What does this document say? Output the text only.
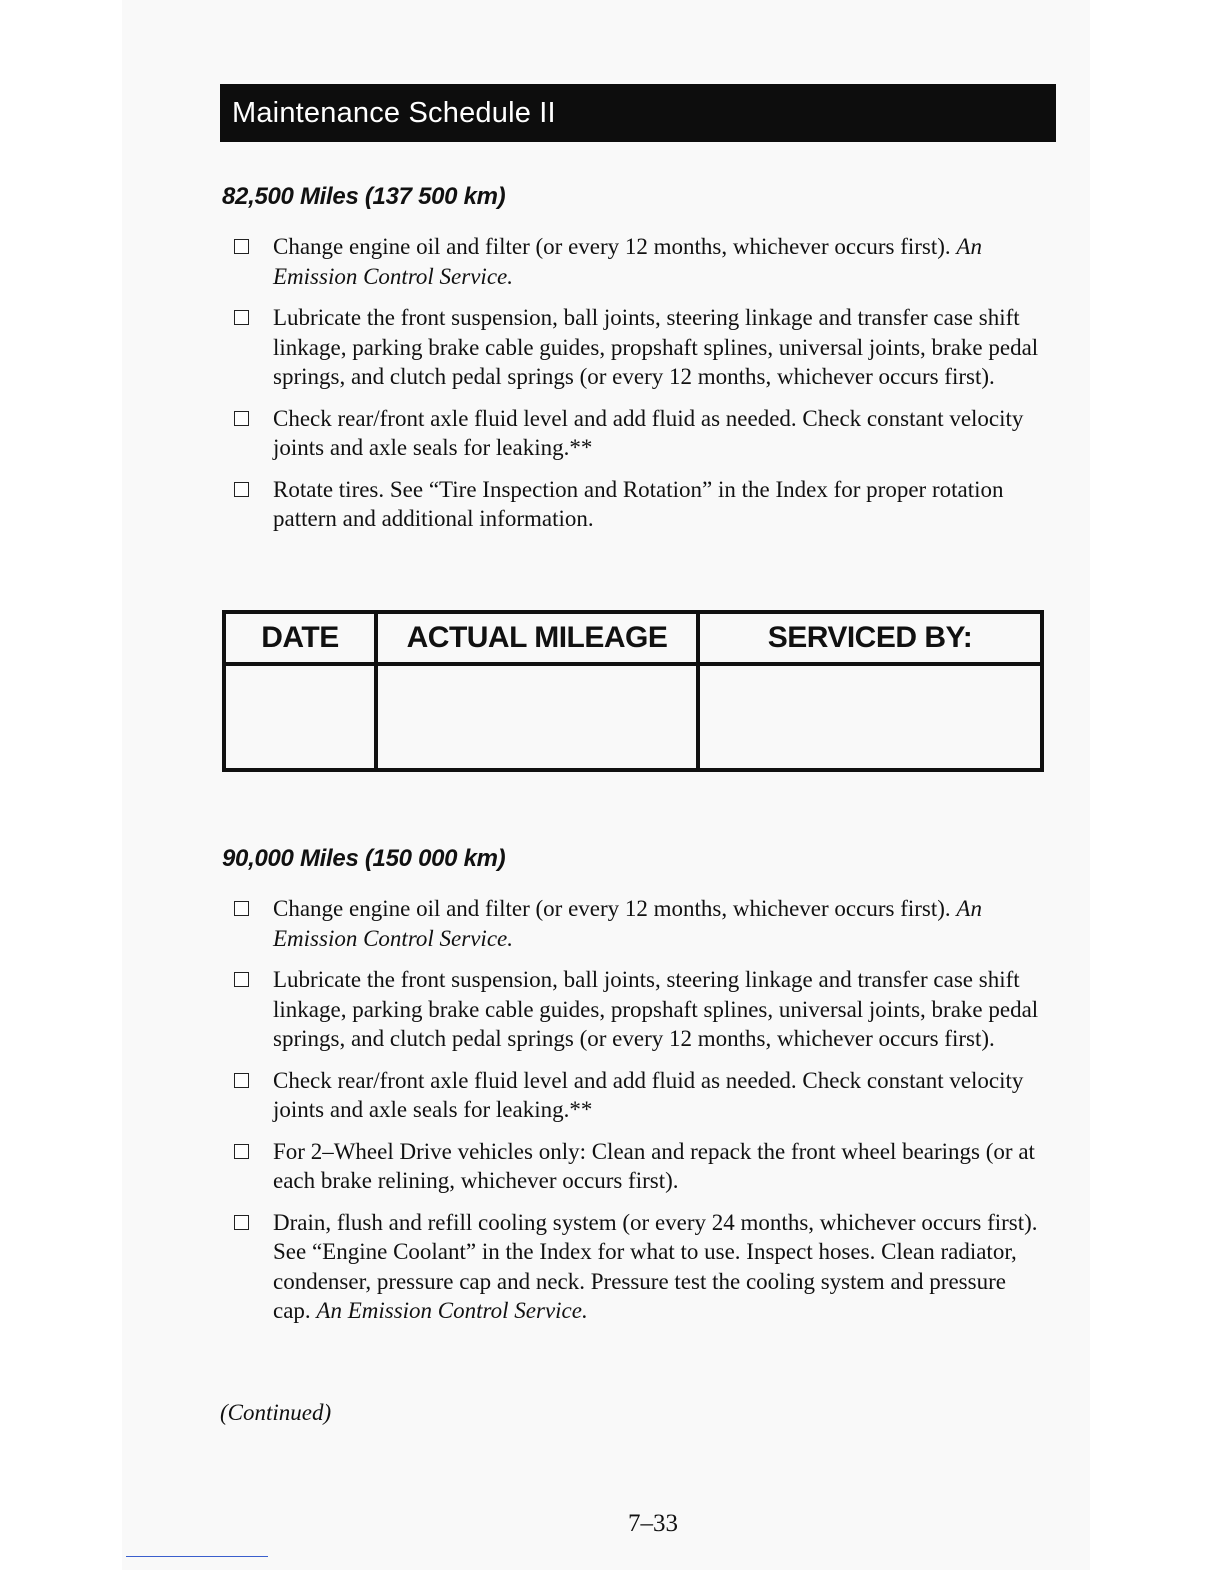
Maintenance Schedule II
82,500 Miles (137 500 km)
Change engine oil and filter (or every 12 months, whichever occurs first). An Emission Control Service.
Lubricate the front suspension, ball joints, steering linkage and transfer case shift linkage, parking brake cable guides, propshaft splines, universal joints, brake pedal springs, and clutch pedal springs (or every 12 months, whichever occurs first).
Check rear/front axle fluid level and add fluid as needed. Check constant velocity joints and axle seals for leaking.**
Rotate tires. See “Tire Inspection and Rotation” in the Index for proper rotation pattern and additional information.
DATE	ACTUAL MILEAGE	SERVICED BY:

90,000 Miles (150 000 km)
Change engine oil and filter (or every 12 months, whichever occurs first). An Emission Control Service.
Lubricate the front suspension, ball joints, steering linkage and transfer case shift linkage, parking brake cable guides, propshaft splines, universal joints, brake pedal springs, and clutch pedal springs (or every 12 months, whichever occurs first).
Check rear/front axle fluid level and add fluid as needed. Check constant velocity joints and axle seals for leaking.**
For 2–Wheel Drive vehicles only: Clean and repack the front wheel bearings (or at each brake relining, whichever occurs first).
Drain, flush and refill cooling system (or every 24 months, whichever occurs first). See “Engine Coolant” in the Index for what to use. Inspect hoses. Clean radiator, condenser, pressure cap and neck. Pressure test the cooling system and pressure cap. An Emission Control Service.
(Continued)
7–33
